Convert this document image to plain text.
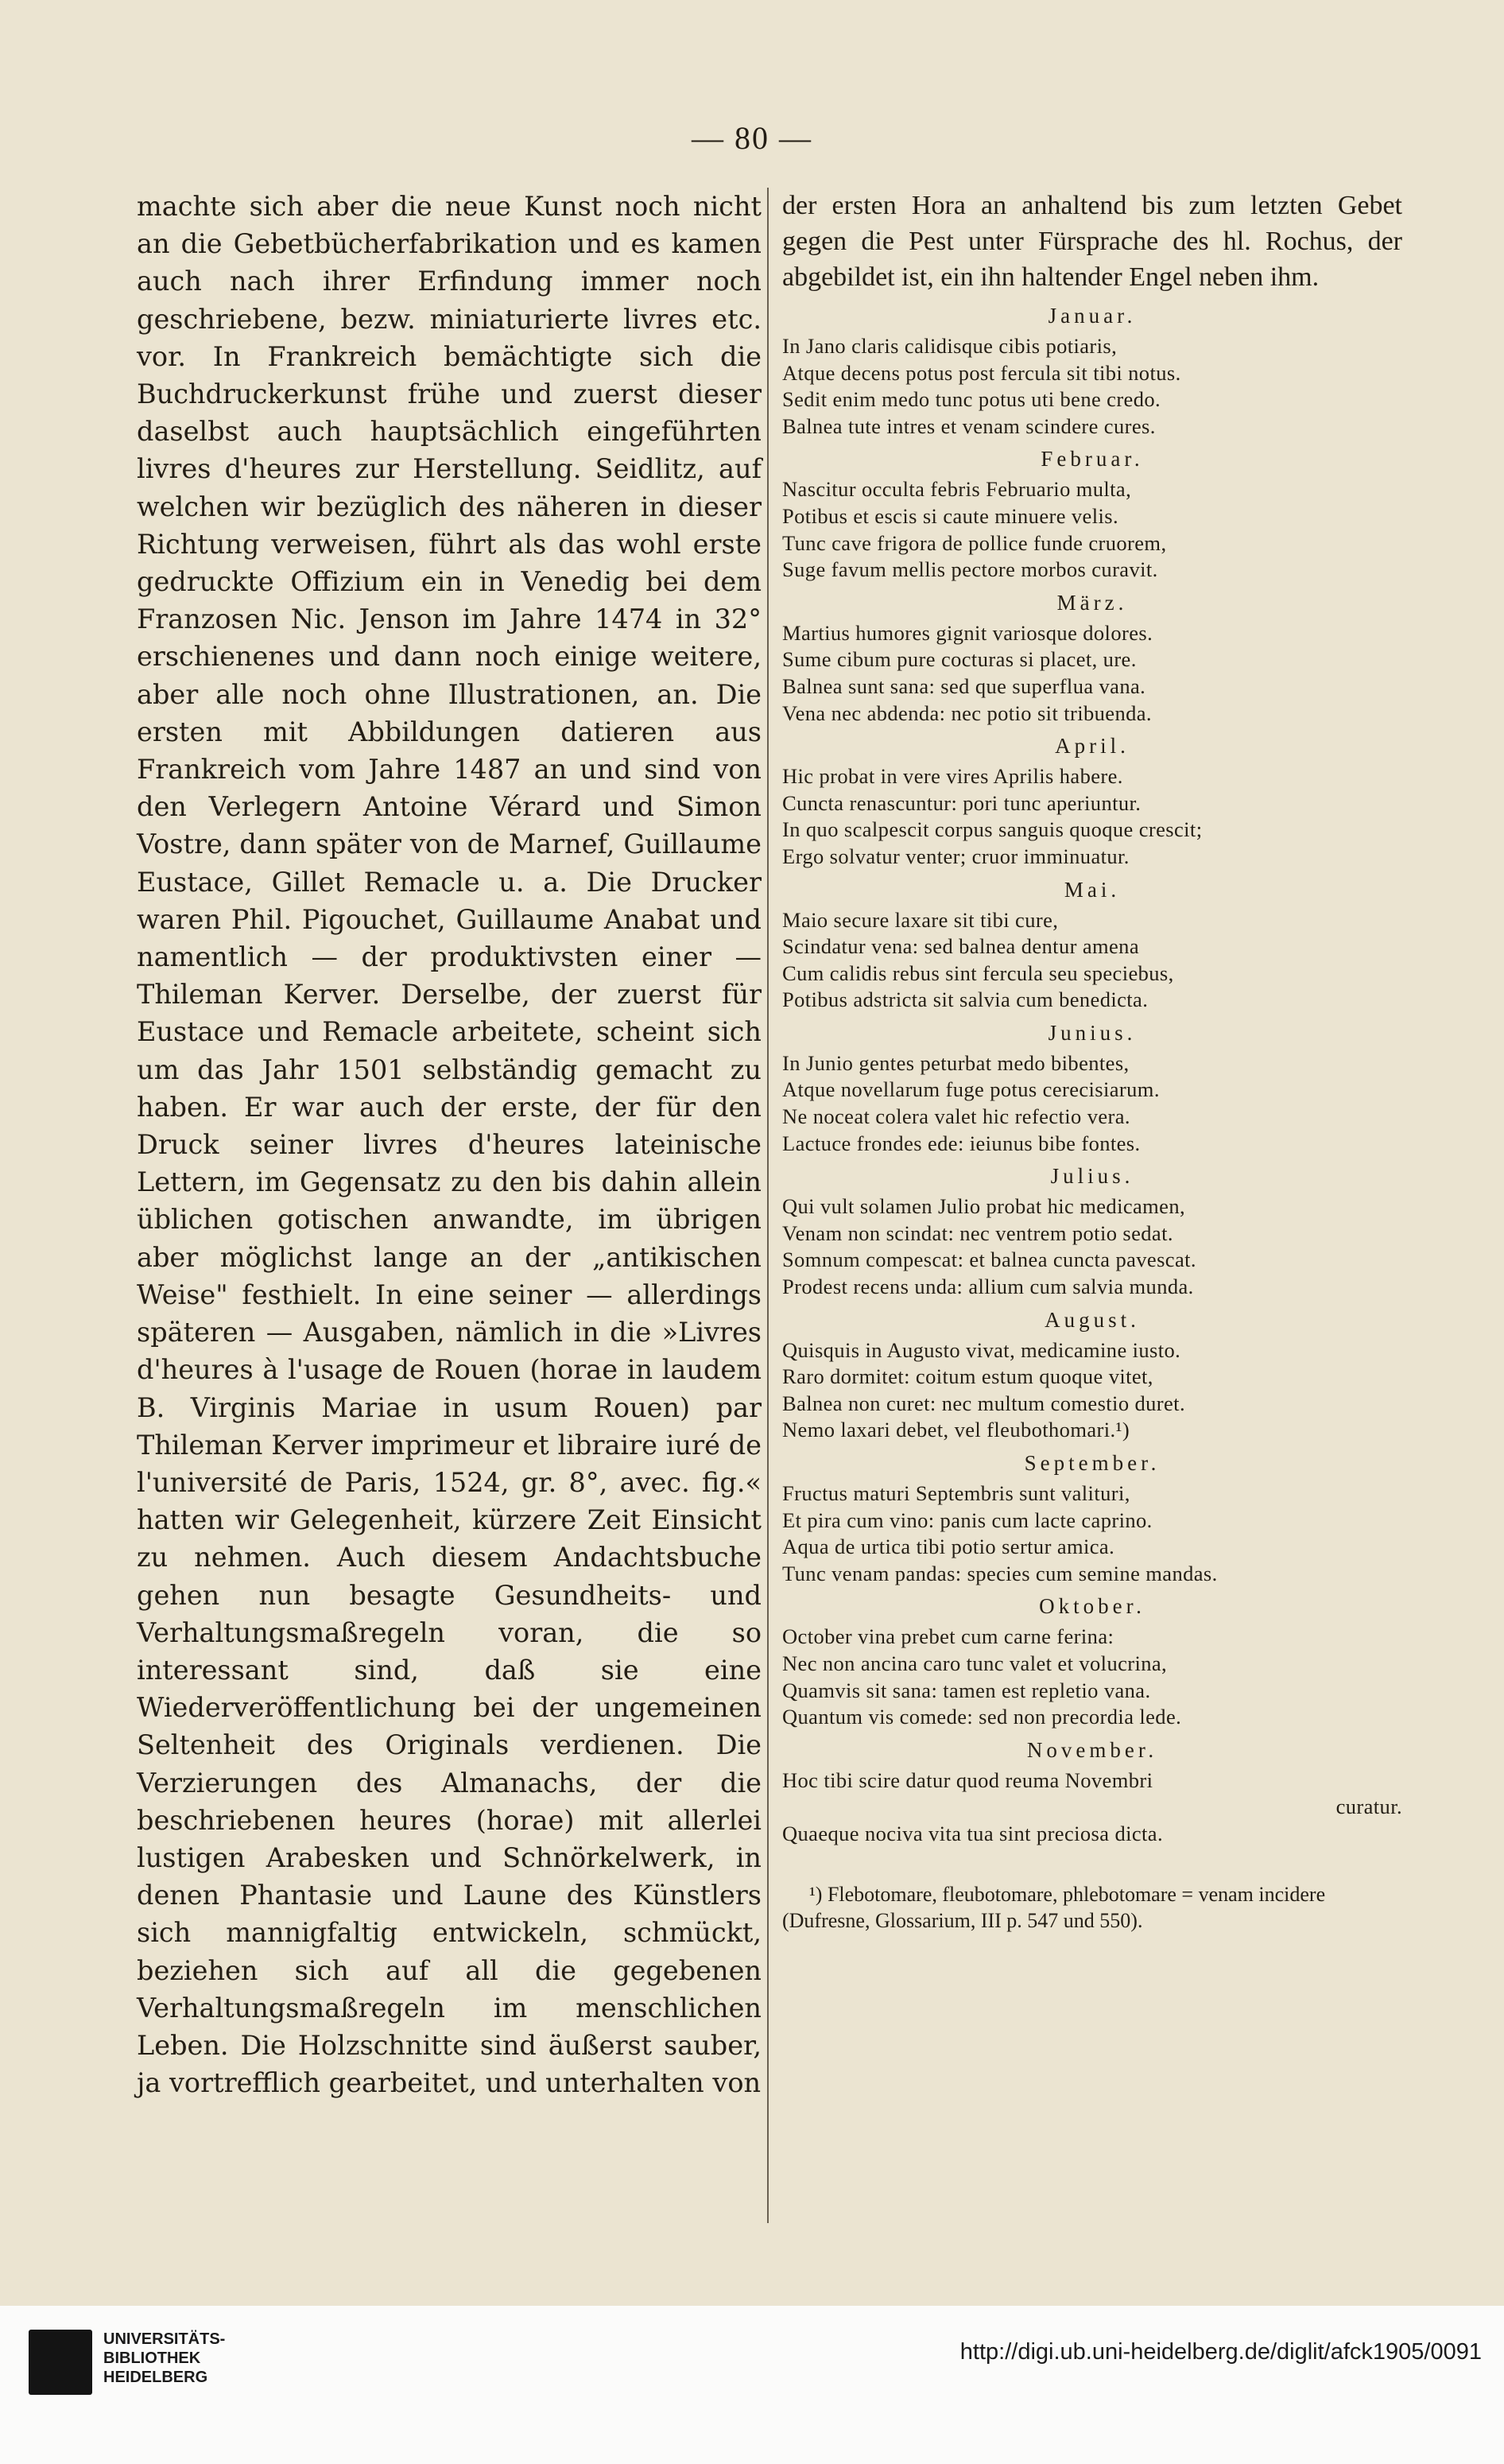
— 80 —

machte sich aber die neue Kunst noch nicht an die Gebetbücherfabrikation und es kamen auch nach ihrer Erfindung immer noch geschriebene, bezw. miniaturierte livres etc. vor. In Frankreich bemächtigte sich die Buchdruckerkunst frühe und zuerst dieser daselbst auch hauptsächlich eingeführten livres d'heures zur Herstellung. Seidlitz, auf welchen wir bezüglich des näheren in dieser Richtung verweisen, führt als das wohl erste gedruckte Offizium ein in Venedig bei dem Franzosen Nic. Jenson im Jahre 1474 in 32° erschienenes und dann noch einige weitere, aber alle noch ohne Illustrationen, an. Die ersten mit Abbildungen datieren aus Frankreich vom Jahre 1487 an und sind von den Verlegern Antoine Vérard und Simon Vostre, dann später von de Marnef, Guillaume Eustace, Gillet Remacle u. a. Die Drucker waren Phil. Pigouchet, Guillaume Anabat und namentlich — der produktivsten einer — Thileman Kerver. Derselbe, der zuerst für Eustace und Remacle arbeitete, scheint sich um das Jahr 1501 selbständig gemacht zu haben. Er war auch der erste, der für den Druck seiner livres d'heures lateinische Lettern, im Gegensatz zu den bis dahin allein üblichen gotischen anwandte, im übrigen aber möglichst lange an der „antikischen Weise" festhielt. In eine seiner — allerdings späteren — Ausgaben, nämlich in die »Livres d'heures à l'usage de Rouen (horae in laudem B. Virginis Mariae in usum Rouen) par Thileman Kerver imprimeur et libraire iuré de l'université de Paris, 1524, gr. 8°, avec. fig.« hatten wir Gelegenheit, kürzere Zeit Einsicht zu nehmen. Auch diesem Andachtsbuche gehen nun besagte Gesundheits- und Verhaltungsmaßregeln voran, die so interessant sind, daß sie eine Wiederveröffentlichung bei der ungemeinen Seltenheit des Originals verdienen. Die Verzierungen des Almanachs, der die beschriebenen heures (horae) mit allerlei lustigen Arabesken und Schnörkelwerk, in denen Phantasie und Laune des Künstlers sich mannigfaltig entwickeln, schmückt, beziehen sich auf all die gegebenen Verhaltungsmaßregeln im menschlichen Leben. Die Holzschnitte sind äußerst sauber, ja vortrefflich gearbeitet, und unterhalten von

der ersten Hora an anhaltend bis zum letzten Gebet gegen die Pest unter Fürsprache des hl. Rochus, der abgebildet ist, ein ihn haltender Engel neben ihm.

Januar.
In Jano claris calidisque cibis potiaris,
Atque decens potus post fercula sit tibi notus.
Sedit enim medo tunc potus uti bene credo.
Balnea tute intres et venam scindere cures.
Februar.
Nascitur occulta febris Februario multa,
Potibus et escis si caute minuere velis.
Tunc cave frigora de pollice funde cruorem,
Suge favum mellis pectore morbos curavit.
März.
Martius humores gignit variosque dolores.
Sume cibum pure cocturas si placet, ure.
Balnea sunt sana: sed que superflua vana.
Vena nec abdenda: nec potio sit tribuenda.
April.
Hic probat in vere vires Aprilis habere.
Cuncta renascuntur: pori tunc aperiuntur.
In quo scalpescit corpus sanguis quoque crescit;
Ergo solvatur venter; cruor imminuatur.
Mai.
Maio secure laxare sit tibi cure,
Scindatur vena: sed balnea dentur amena
Cum calidis rebus sint fercula seu speciebus,
Potibus adstricta sit salvia cum benedicta.
Junius.
In Junio gentes peturbat medo bibentes,
Atque novellarum fuge potus cerecisiarum.
Ne noceat colera valet hic refectio vera.
Lactuce frondes ede: ieiunus bibe fontes.
Julius.
Qui vult solamen Julio probat hic medicamen,
Venam non scindat: nec ventrem potio sedat.
Somnum compescat: et balnea cuncta pavescat.
Prodest recens unda: allium cum salvia munda.
August.
Quisquis in Augusto vivat, medicamine iusto.
Raro dormitet: coitum estum quoque vitet,
Balnea non curet: nec multum comestio duret.
Nemo laxari debet, vel fleubothomari.¹)
September.
Fructus maturi Septembris sunt valituri,
Et pira cum vino: panis cum lacte caprino.
Aqua de urtica tibi potio sertur amica.
Tunc venam pandas: species cum semine mandas.
Oktober.
October vina prebet cum carne ferina:
Nec non ancina caro tunc valet et volucrina,
Quamvis sit sana: tamen est repletio vana.
Quantum vis comede: sed non precordia lede.
November.
Hoc tibi scire datur quod reuma Novembri
curatur.
Quaeque nociva vita tua sint preciosa dicta.

¹) Flebotomare, fleubotomare, phlebotomare = venam incidere (Dufresne, Glossarium, III p. 547 und 550).

UNIVERSITÄTS-
BIBLIOTHEK
HEIDELBERG
http://digi.ub.uni-heidelberg.de/diglit/afck1905/0091
